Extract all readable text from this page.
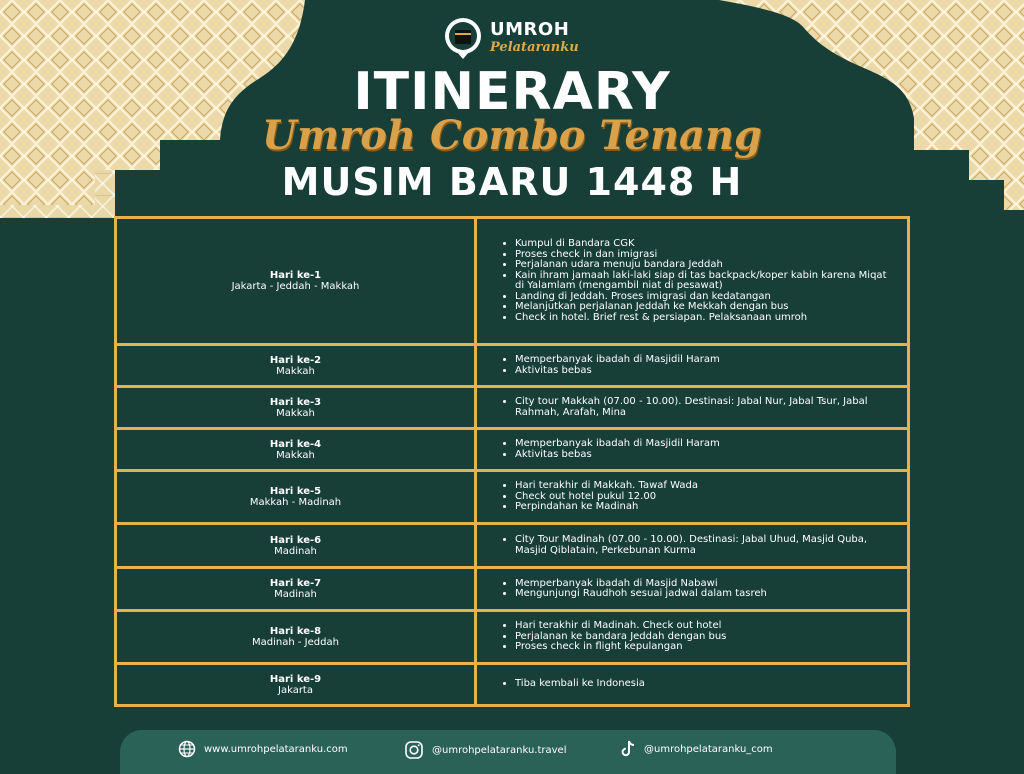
UMROH
Pelataranku
ITINERARY
Umroh Combo Tenang
MUSIM BARU 1448 H
Hari ke-1
Jakarta - Jeddah - Makkah
• Kumpul di Bandara CGK
• Proses check in dan imigrasi
• Perjalanan udara menuju bandara Jeddah
• Kain ihram jamaah laki-laki siap di tas backpack/koper kabin karena Miqat di Yalamlam (mengambil niat di pesawat)
• Landing di Jeddah. Proses imigrasi dan kedatangan
• Melanjutkan perjalanan Jeddah ke Mekkah dengan bus
• Check in hotel. Brief rest & persiapan. Pelaksanaan umroh
Hari ke-2
Makkah
• Memperbanyak ibadah di Masjidil Haram
• Aktivitas bebas
Hari ke-3
Makkah
• City tour Makkah (07.00 - 10.00). Destinasi: Jabal Nur, Jabal Tsur, Jabal Rahmah, Arafah, Mina
Hari ke-4
Makkah
• Memperbanyak ibadah di Masjidil Haram
• Aktivitas bebas
Hari ke-5
Makkah - Madinah
• Hari terakhir di Makkah. Tawaf Wada
• Check out hotel pukul 12.00
• Perpindahan ke Madinah
Hari ke-6
Madinah
• City Tour Madinah (07.00 - 10.00). Destinasi: Jabal Uhud, Masjid Quba, Masjid Qiblatain, Perkebunan Kurma
Hari ke-7
Madinah
• Memperbanyak ibadah di Masjid Nabawi
• Mengunjungi Raudhoh sesuai jadwal dalam tasreh
Hari ke-8
Madinah - Jeddah
• Hari terakhir di Madinah. Check out hotel
• Perjalanan ke bandara Jeddah dengan bus
• Proses check in flight kepulangan
Hari ke-9
Jakarta
• Tiba kembali ke Indonesia
www.umrohpelataranku.com	@umrohpelataranku.travel	@umrohpelataranku_com
